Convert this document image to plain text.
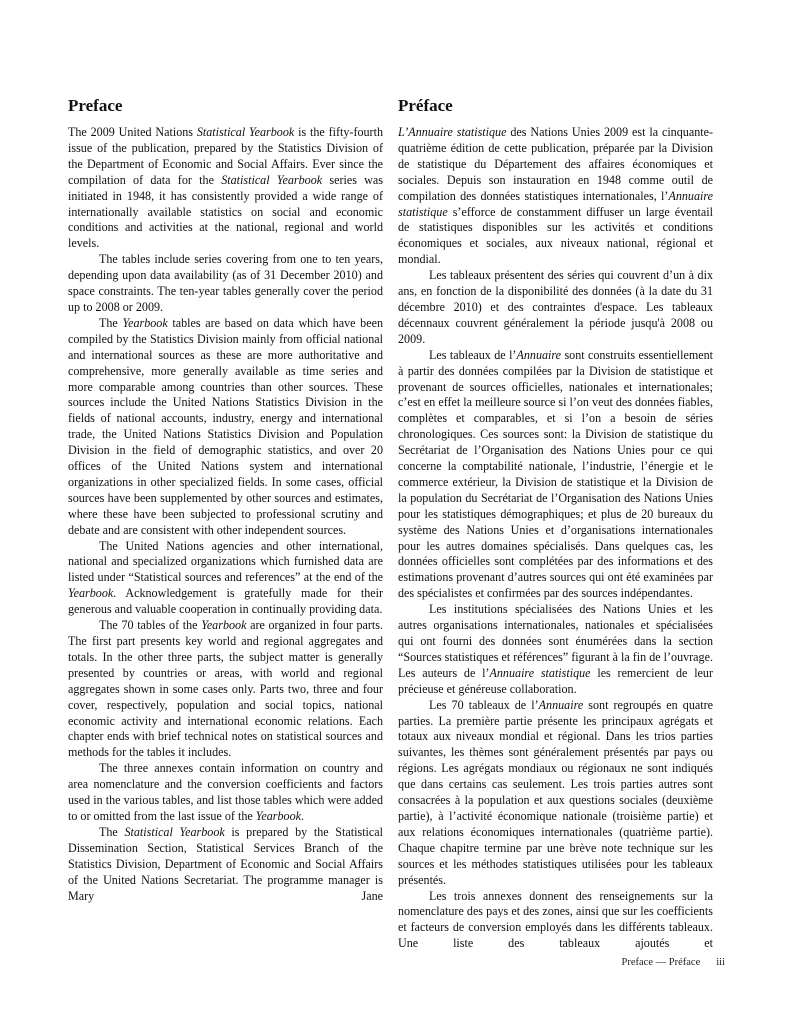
Preface

The 2009 United Nations Statistical Yearbook is the fifty-fourth issue of the publication, prepared by the Statistics Division of the Department of Economic and Social Affairs. Ever since the compilation of data for the Statistical Yearbook series was initiated in 1948, it has consistently provided a wide range of internationally available statistics on social and economic conditions and activities at the national, regional and world levels.

The tables include series covering from one to ten years, depending upon data availability (as of 31 December 2010) and space constraints. The ten-year tables generally cover the period up to 2008 or 2009.

The Yearbook tables are based on data which have been compiled by the Statistics Division mainly from official national and international sources as these are more authoritative and comprehensive, more generally available as time series and more comparable among countries than other sources. These sources include the United Nations Statistics Division in the fields of national accounts, industry, energy and international trade, the United Nations Statistics Division and Population Division in the field of demographic statistics, and over 20 offices of the United Nations system and international organizations in other specialized fields. In some cases, official sources have been supplemented by other sources and estimates, where these have been subjected to professional scrutiny and debate and are consistent with other independent sources.

The United Nations agencies and other international, national and specialized organizations which furnished data are listed under “Statistical sources and references” at the end of the Yearbook. Acknowledgement is gratefully made for their generous and valuable cooperation in continually providing data.

The 70 tables of the Yearbook are organized in four parts. The first part presents key world and regional aggregates and totals. In the other three parts, the subject matter is generally presented by countries or areas, with world and regional aggregates shown in some cases only. Parts two, three and four cover, respectively, population and social topics, national economic activity and international economic relations. Each chapter ends with brief technical notes on statistical sources and methods for the tables it includes.

The three annexes contain information on country and area nomenclature and the conversion coefficients and factors used in the various tables, and list those tables which were added to or omitted from the last issue of the Yearbook.

The Statistical Yearbook is prepared by the Statistical Dissemination Section, Statistical Services Branch of the Statistics Division, Department of Economic and Social Affairs of the United Nations Secretariat. The programme manager is Mary Jane

Préface

L’Annuaire statistique des Nations Unies 2009 est la cinquante-quatrième édition de cette publication, préparée par la Division de statistique du Département des affaires économiques et sociales. Depuis son instauration en 1948 comme outil de compilation des données statistiques internationales, l’Annuaire statistique s’efforce de constamment diffuser un large éventail de statistiques disponibles sur les activités et conditions économiques et sociales, aux niveaux national, régional et mondial.

Les tableaux présentent des séries qui couvrent d’un à dix ans, en fonction de la disponibilité des données (à la date du 31 décembre 2010) et des contraintes d'espace. Les tableaux décennaux couvrent généralement la période jusqu'à 2008 ou 2009.

Les tableaux de l’Annuaire sont construits essentiellement à partir des données compilées par la Division de statistique et provenant de sources officielles, nationales et internationales; c’est en effet la meilleure source si l’on veut des données fiables, complètes et comparables, et si l’on a besoin de séries chronologiques. Ces sources sont: la Division de statistique du Secrétariat de l’Organisation des Nations Unies pour ce qui concerne la comptabilité nationale, l’industrie, l’énergie et le commerce extérieur, la Division de statistique et la Division de la population du Secrétariat de l’Organisation des Nations Unies pour les statistiques démographiques; et plus de 20 bureaux du système des Nations Unies et d’organisations internationales pour les autres domaines spécialisés. Dans quelques cas, les données officielles sont complétées par des informations et des estimations provenant d’autres sources qui ont été examinées par des spécialistes et confirmées par des sources indépendantes.

Les institutions spécialisées des Nations Unies et les autres organisations internationales, nationales et spécialisées qui ont fourni des données sont énumérées dans la section “Sources statistiques et références” figurant à la fin de l’ouvrage. Les auteurs de l’Annuaire statistique les remercient de leur précieuse et généreuse collaboration.

Les 70 tableaux de l’Annuaire sont regroupés en quatre parties. La première partie présente les principaux agrégats et totaux aux niveaux mondial et régional. Dans les trios parties suivantes, les thèmes sont généralement présentés par pays ou régions. Les agrégats mondiaux ou régionaux ne sont indiqués que dans certains cas seulement. Les trois parties autres sont consacrées à la population et aux questions sociales (deuxième partie), à l’activité économique nationale (troisième partie) et aux relations économiques internationales (quatrième partie). Chaque chapitre termine par une brève note technique sur les sources et les méthodes statistiques utilisées pour les tableaux présentés.

Les trois annexes donnent des renseignements sur la nomenclature des pays et des zones, ainsi que sur les coefficients et facteurs de conversion employés dans les différents tableaux. Une liste des tableaux ajoutés et

Preface — Préface iii
